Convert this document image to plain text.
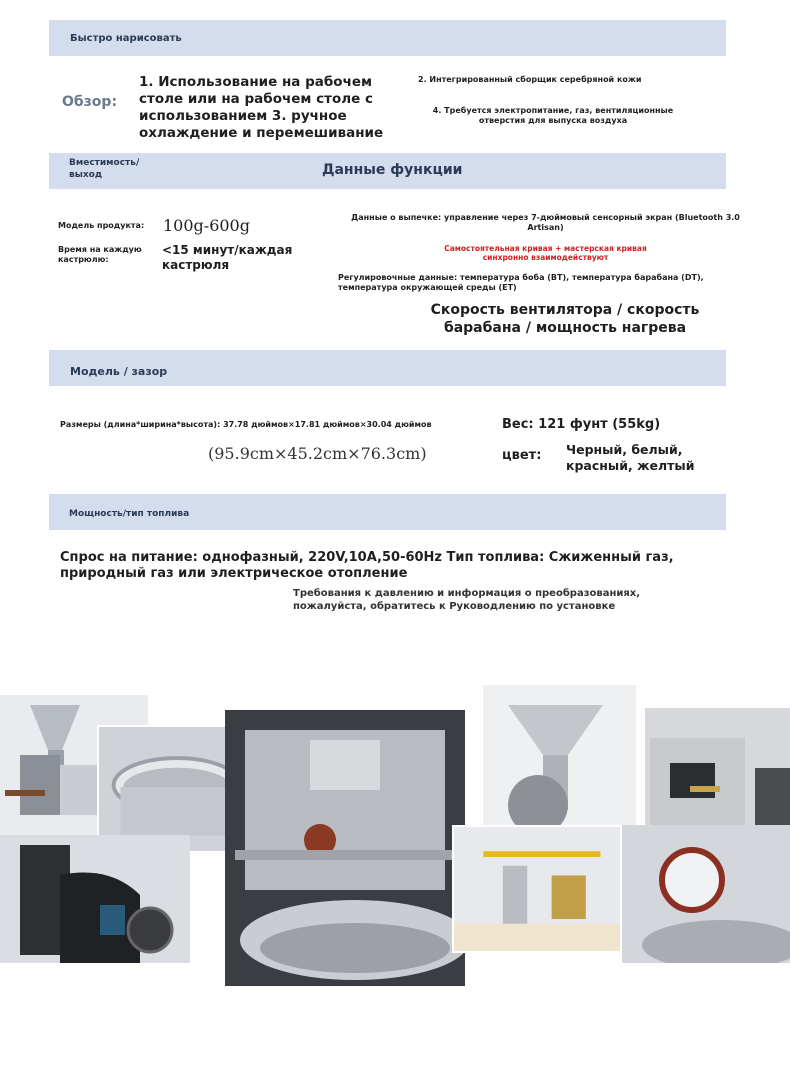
Быстро нарисовать
Обзор:
1. Использование на рабочем столе или на рабочем столе с использованием 3. ручное охлаждение и перемешивание
2. Интегрированный сборщик серебряной кожи
4. Требуется электропитание, газ, вентиляционные отверстия для выпуска воздуха
Вместимость/ выход	Данные функции
Модель продукта: 100g-600g
Время на каждую кастрюлю:
<15 минут/каждая кастрюля
Данные о выпечке: управление через 7-дюймовый сенсорный экран (Bluetooth 3.0 Artisan)
Самостоятельная кривая + мастерская кривая синхронно взаимодействуют
Регулировочные данные: температура боба (BT), температура барабана (DT), температура окружающей среды (ET)
Скорость вентилятора / скорость барабана / мощность нагрева
Модель / зазор
Размеры (длина*ширина*высота): 37.78 дюймов×17.81 дюймов×30.04 дюймов
(95.9cm×45.2cm×76.3cm)
Вес: 121 фунт (55kg)
цвет: Черный, белый, красный, желтый
Мощность/тип топлива
Спрос на питание: однофазный, 220V,10A,50-60Hz Тип топлива: Сжиженный газ, природный газ или электрическое отопление
Требования к давлению и информация о преобразованиях, пожалуйста, обратитесь к Руководлению по установке
